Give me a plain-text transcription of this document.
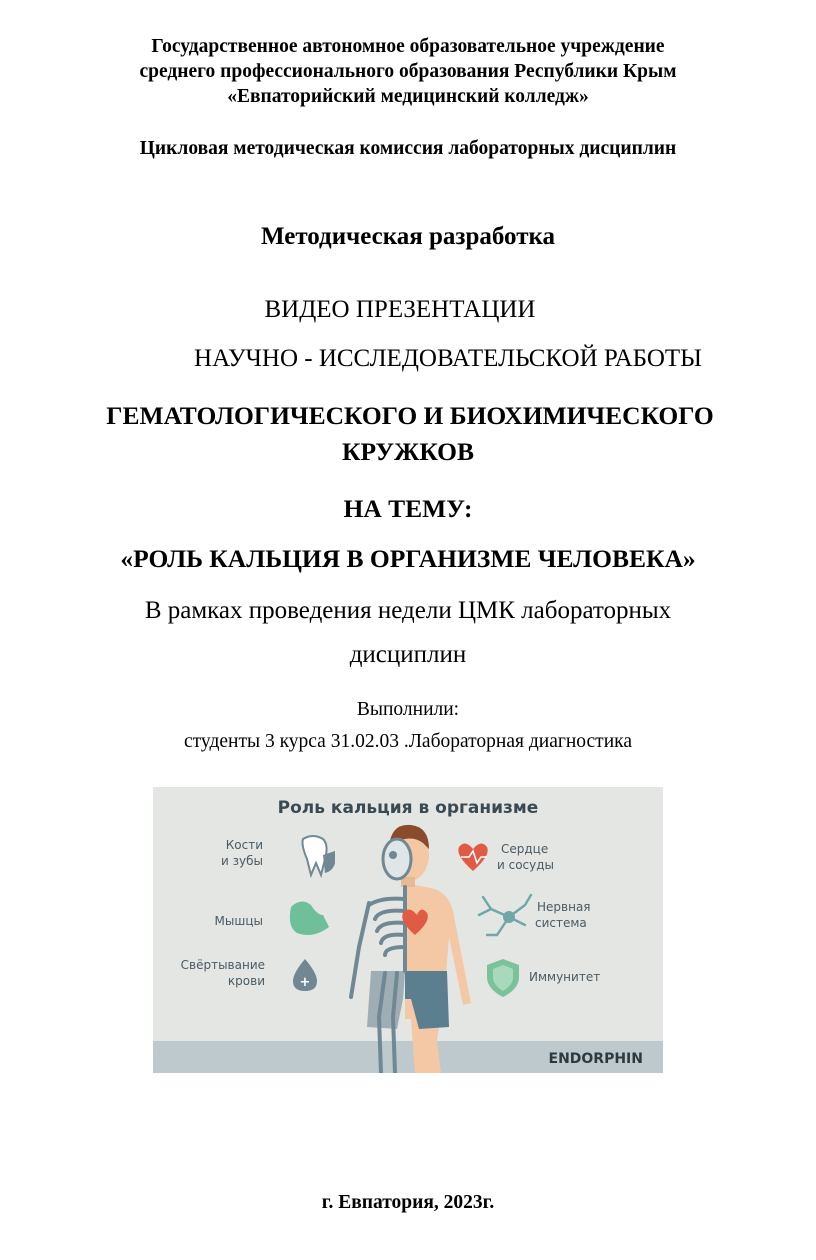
Государственное автономное образовательное учреждение
среднего профессионального образования Республики Крым
«Евпаторийский медицинский колледж»
Цикловая методическая комиссия лабораторных дисциплин
Методическая разработка
ВИДЕО ПРЕЗЕНТАЦИИ
НАУЧНО - ИССЛЕДОВАТЕЛЬСКОЙ РАБОТЫ
ГЕМАТОЛОГИЧЕСКОГО И БИОХИМИЧЕСКОГО
КРУЖКОВ
НА ТЕМУ:
«РОЛЬ КАЛЬЦИЯ В ОРГАНИЗМЕ ЧЕЛОВЕКА»
В рамках проведения недели ЦМК лабораторных
дисциплин
Выполнили:
студенты 3 курса 31.02.03 .Лабораторная диагностика
Роль кальция в организме
Кости
и зубы
Мышцы
Свёртывание
крови	+
Сердце
и сосуды
Нервная
система
Иммунитет
ENDORPHIN
г. Евпатория, 2023г.
